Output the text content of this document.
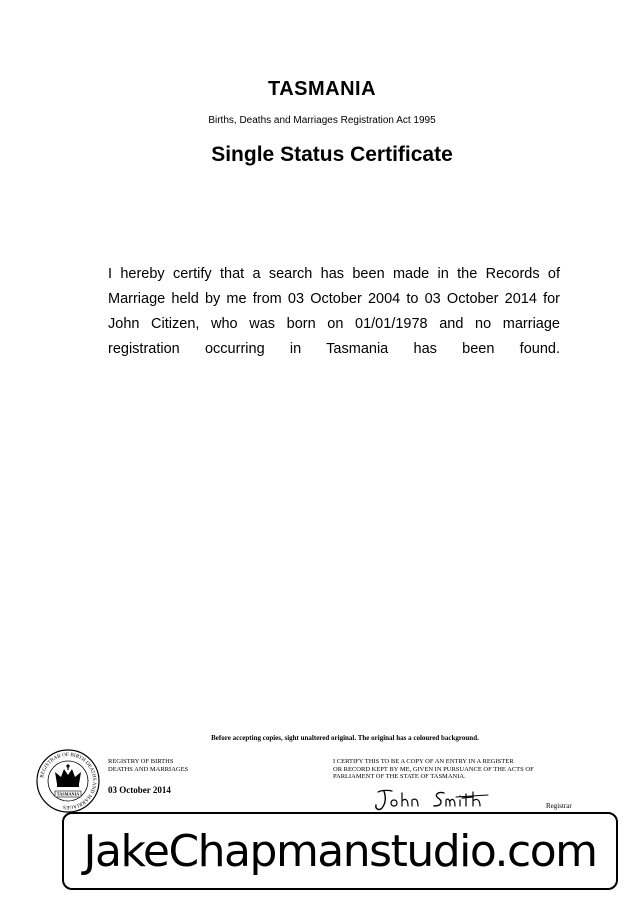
TASMANIA
Births, Deaths and Marriages Registration Act 1995
Single Status Certificate
I hereby certify that a search has been made in the Records of Marriage held by me from 03 October 2004 to 03 October 2014 for John Citizen, who was born on 01/01/1978 and no marriage registration occurring in Tasmania has been found.
Before accepting copies, sight unaltered original. The original has a coloured background.
REGISTRAR OF BIRTH DEATHS AND MARRIAGES
TASMANIA
REGISTRY OF BIRTHS
DEATHS AND MARRIAGES
03 October 2014
I CERTIFY THIS TO BE A COPY OF AN ENTRY IN A REGISTER
OR RECORD KEPT BY ME, GIVEN IN PURSUANCE OF THE ACTS OF
PARLIAMENT OF THE STATE OF TASMANIA.
Registrar
JakeChapmanstudio.com
